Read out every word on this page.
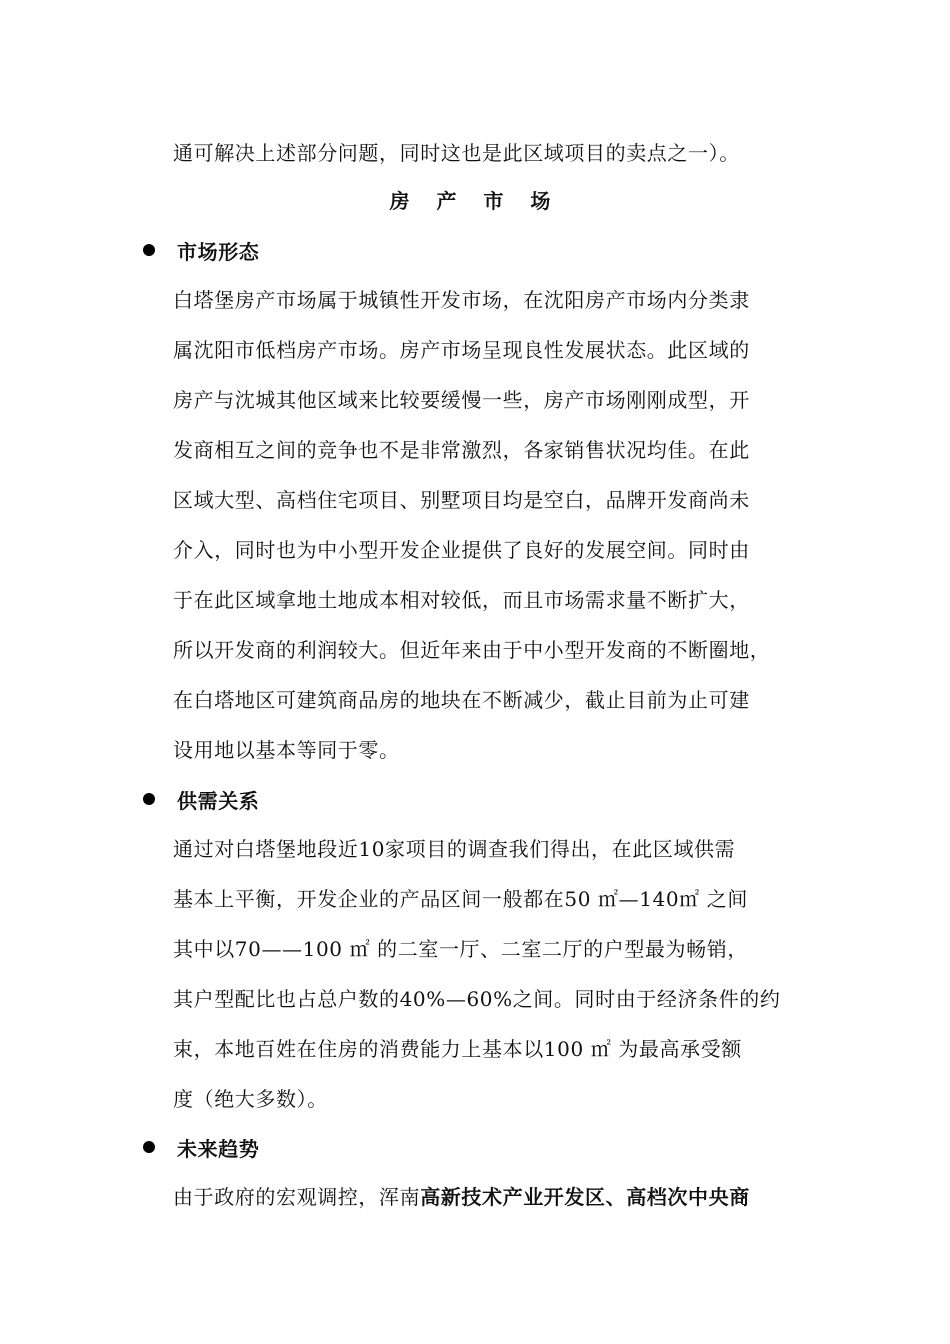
通可解决上述部分问题，同时这也是此区域项目的卖点之一）。
房 产 市 场
市场形态
白塔堡房产市场属于城镇性开发市场，在沈阳房产市场内分类隶
属沈阳市低档房产市场。房产市场呈现良性发展状态。此区域的
房产与沈城其他区域来比较要缓慢一些，房产市场刚刚成型，开
发商相互之间的竞争也不是非常激烈，各家销售状况均佳。在此
区域大型、高档住宅项目、别墅项目均是空白，品牌开发商尚未
介入，同时也为中小型开发企业提供了良好的发展空间。同时由
于在此区域拿地土地成本相对较低，而且市场需求量不断扩大，
所以开发商的利润较大。但近年来由于中小型开发商的不断圈地，
在白塔地区可建筑商品房的地块在不断减少，截止目前为止可建
设用地以基本等同于零。
供需关系
通过对白塔堡地段近10家项目的调查我们得出，在此区域供需
基本上平衡，开发企业的产品区间一般都在50 ㎡—140㎡ 之间
其中以70——100 ㎡ 的二室一厅、二室二厅的户型最为畅销，
其户型配比也占总户数的40%—60%之间。同时由于经济条件的约
束，本地百姓在住房的消费能力上基本以100 ㎡ 为最高承受额
度（绝大多数）。
未来趋势
由于政府的宏观调控，浑南高新技术产业开发区、高档次中央商
